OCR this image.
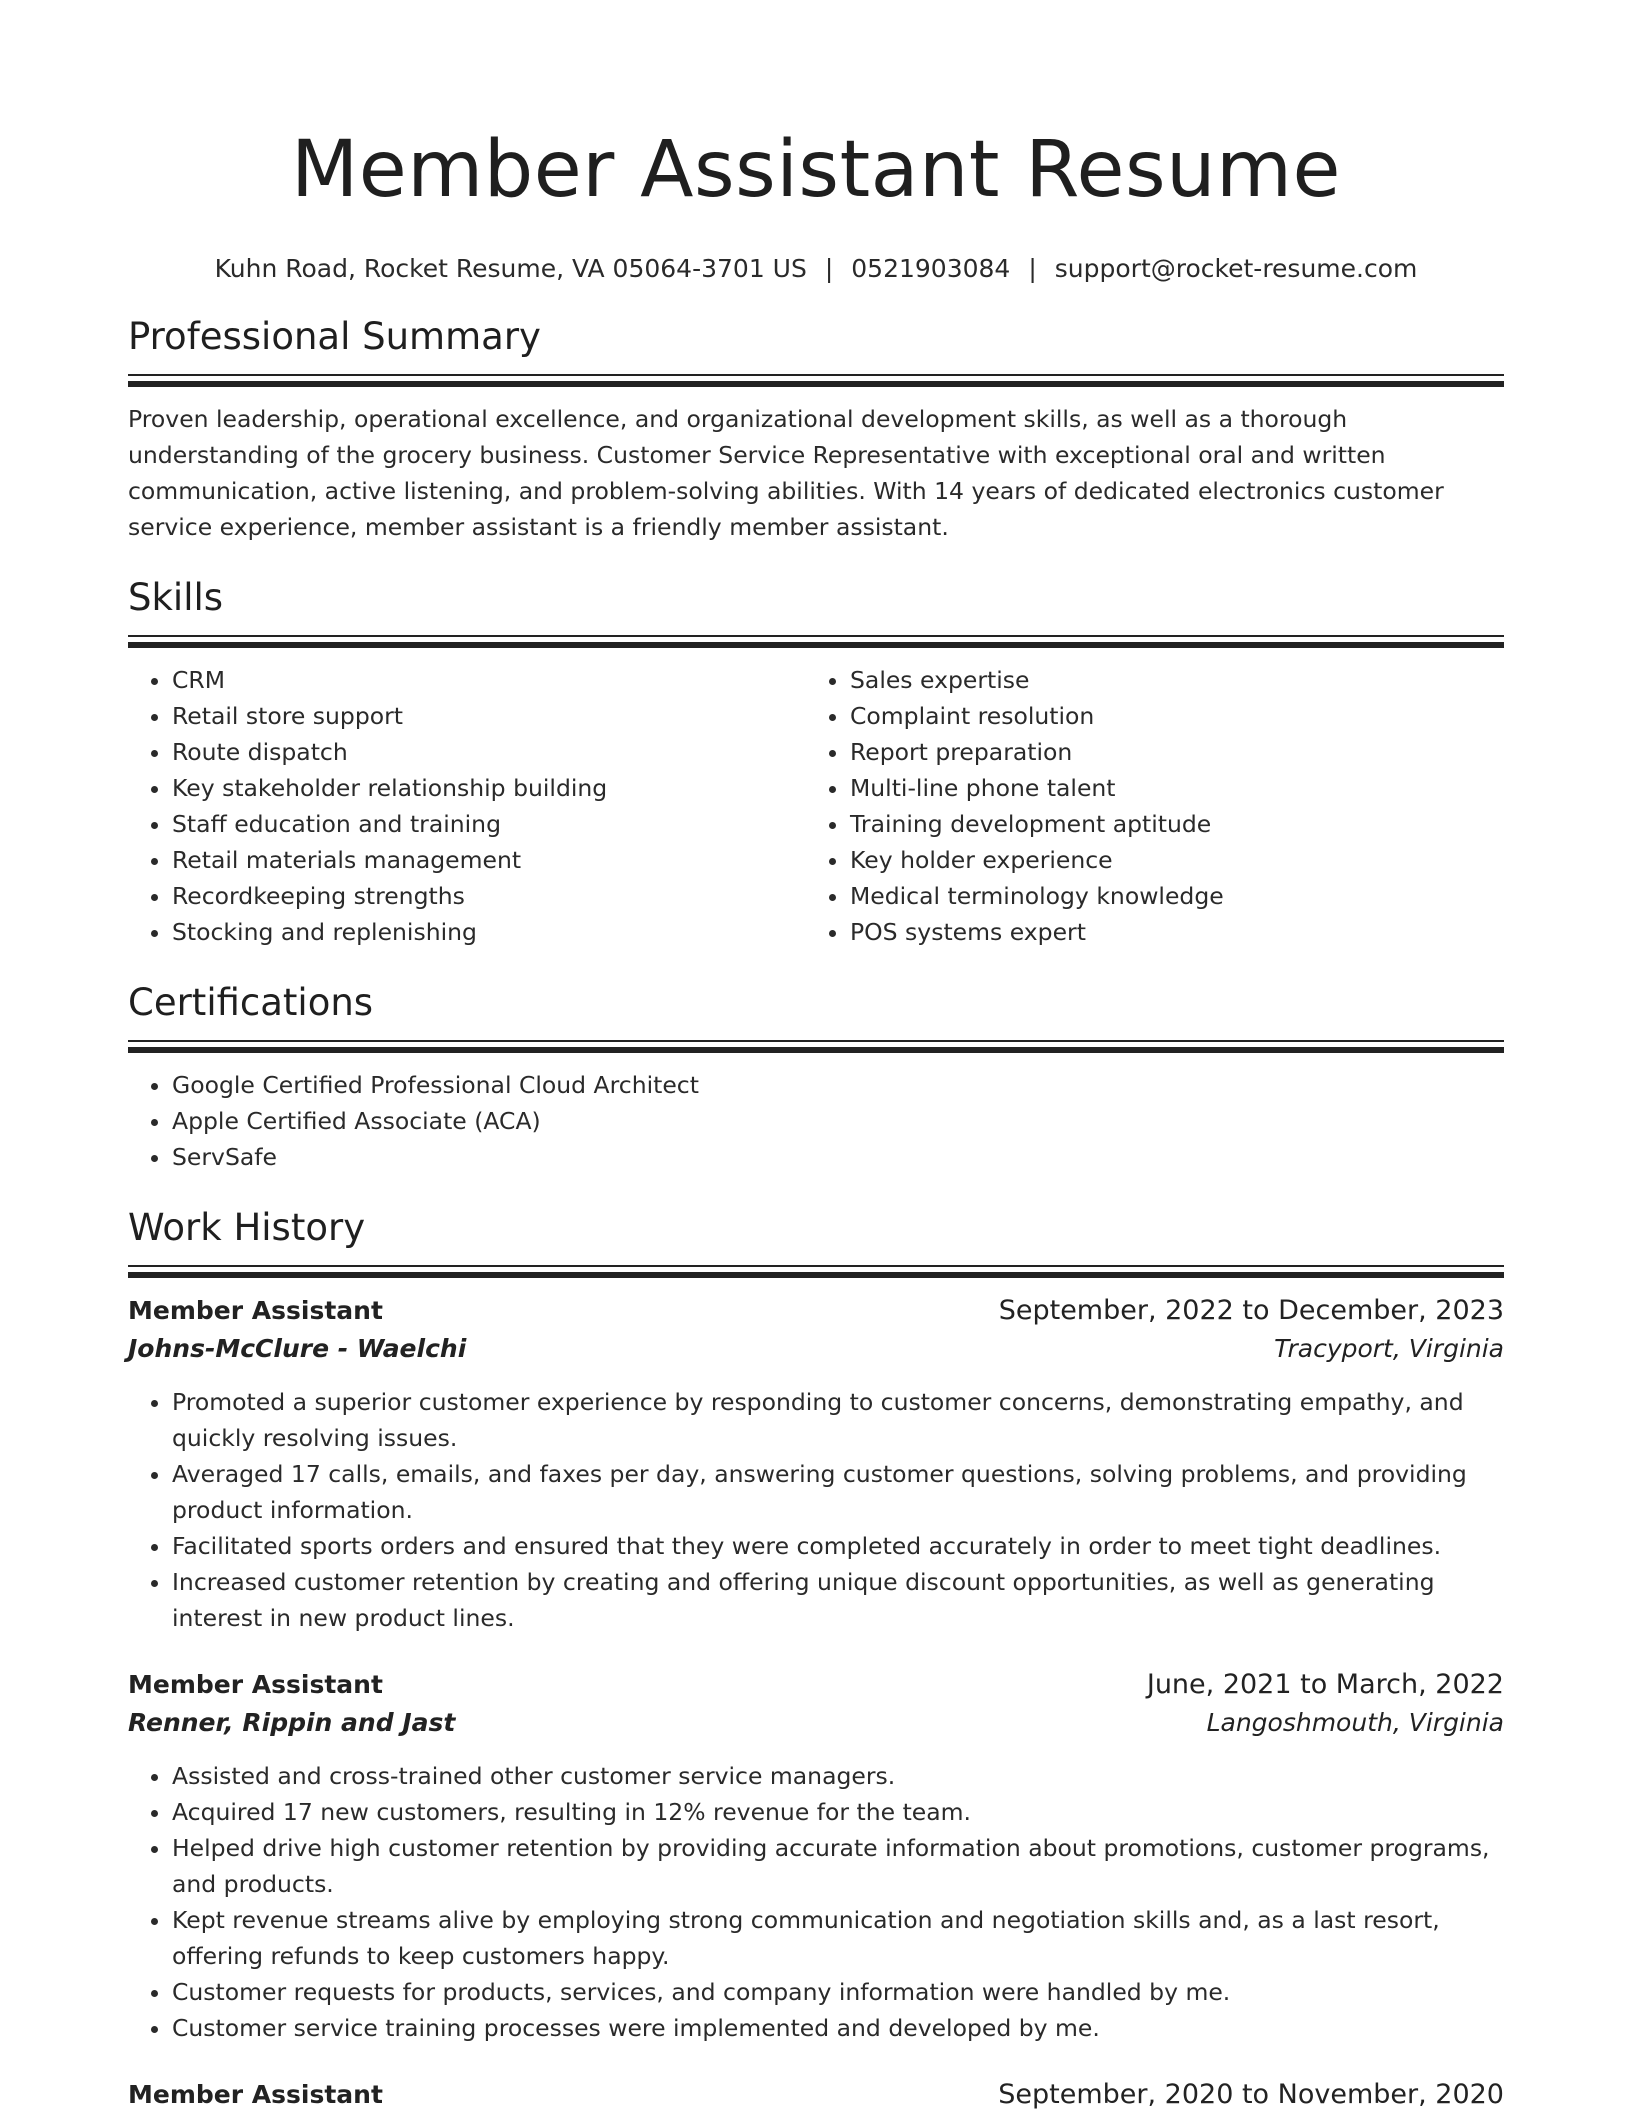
Member Assistant Resume
Kuhn Road, Rocket Resume, VA 05064-3701 US | 0521903084 | support@rocket-resume.com
Professional Summary

Proven leadership, operational excellence, and organizational development skills, as well as a thorough understanding of the grocery business. Customer Service Representative with exceptional oral and written communication, active listening, and problem-solving abilities. With 14 years of dedicated electronics customer service experience, member assistant is a friendly member assistant.

Skills
• CRM
• Retail store support
• Route dispatch
• Key stakeholder relationship building
• Staff education and training
• Retail materials management
• Recordkeeping strengths
• Stocking and replenishing
• Sales expertise
• Complaint resolution
• Report preparation
• Multi-line phone talent
• Training development aptitude
• Key holder experience
• Medical terminology knowledge
• POS systems expert
Certifications
• Google Certified Professional Cloud Architect
• Apple Certified Associate (ACA)
• ServSafe
Work History
Member Assistant	September, 2022 to December, 2023
Johns-McClure - Waelchi	Tracyport, Virginia
• Promoted a superior customer experience by responding to customer concerns, demonstrating empathy, and quickly resolving issues.
• Averaged 17 calls, emails, and faxes per day, answering customer questions, solving problems, and providing product information.
• Facilitated sports orders and ensured that they were completed accurately in order to meet tight deadlines.
• Increased customer retention by creating and offering unique discount opportunities, as well as generating interest in new product lines.
Member Assistant	June, 2021 to March, 2022
Renner, Rippin and Jast	Langoshmouth, Virginia
• Assisted and cross-trained other customer service managers.
• Acquired 17 new customers, resulting in 12% revenue for the team.
• Helped drive high customer retention by providing accurate information about promotions, customer programs, and products.
• Kept revenue streams alive by employing strong communication and negotiation skills and, as a last resort, offering refunds to keep customers happy.
• Customer requests for products, services, and company information were handled by me.
• Customer service training processes were implemented and developed by me.
Member Assistant	September, 2020 to November, 2020
